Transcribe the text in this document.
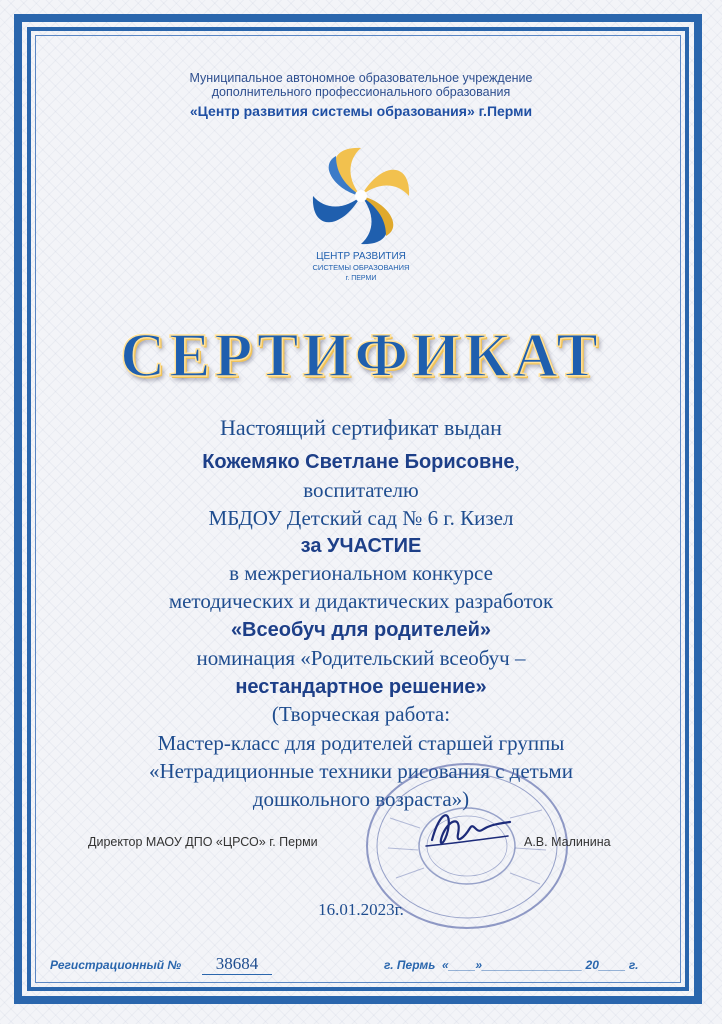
Муниципальное автономное образовательное учреждение
дополнительного профессионального образования
«Центр развития системы образования» г.Перми
ЦЕНТР РАЗВИТИЯ
СИСТЕМЫ ОБРАЗОВАНИЯ
г. ПЕРМИ
СЕРТИФИКАТ
Настоящий сертификат выдан
Кожемяко Светлане Борисовне,
воспитателю
МБДОУ Детский сад № 6 г. Кизел
за УЧАСТИЕ
в межрегиональном конкурсе
методических и дидактических разработок
«Всеобуч для родителей»
номинация «Родительский всеобуч –
нестандартное решение»
(Творческая работа:
Мастер-класс для родителей старшей группы
«Нетрадиционные техники рисования с детьми
дошкольного возраста»)
Директор МАОУ ДПО «ЦРСО» г. Перми	А.В. Малинина
16.01.2023г.
Регистрационный №	38684	г. Пермь  «____»_______________ 20____ г.
